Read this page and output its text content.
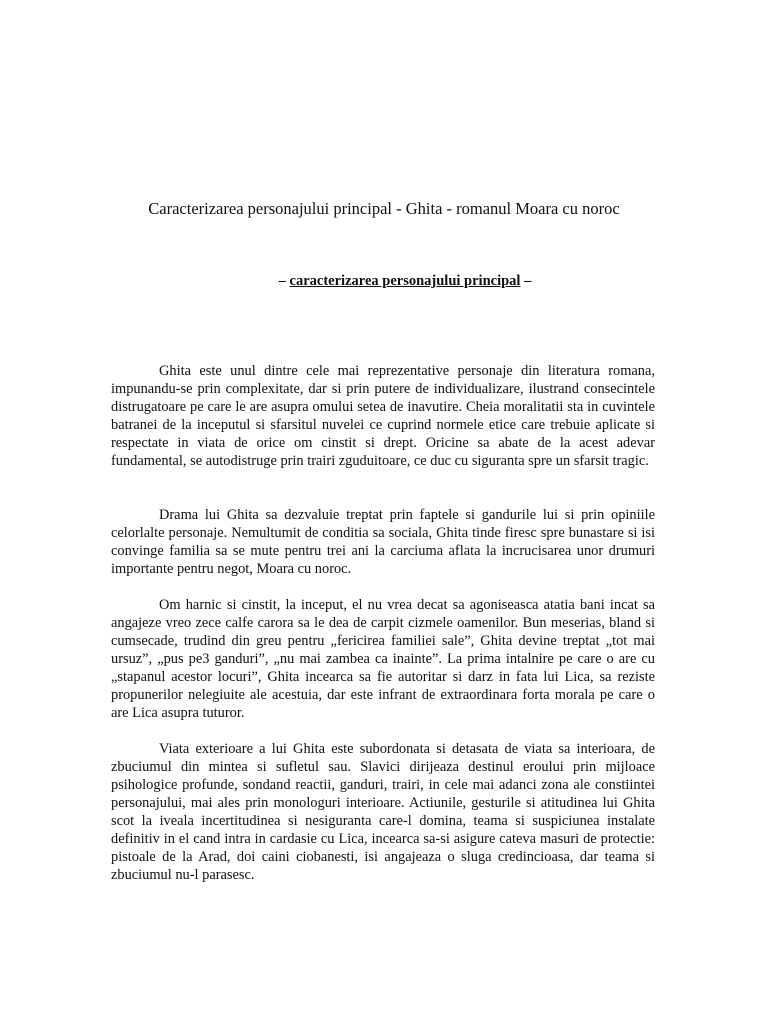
Caracterizarea personajului principal - Ghita - romanul Moara cu noroc

– caracterizarea personajului principal –

Ghita este unul dintre cele mai reprezentative personaje din literatura romana, impunandu-se prin complexitate, dar si prin putere de individualizare, ilustrand consecintele distrugatoare pe care le are asupra omului setea de inavutire. Cheia moralitatii sta in cuvintele batranei de la inceputul si sfarsitul nuvelei ce cuprind normele etice care trebuie aplicate si respectate in viata de orice om cinstit si drept. Oricine sa abate de la acest adevar fundamental, se autodistruge prin trairi zguduitoare, ce duc cu siguranta spre un sfarsit tragic.

Drama lui Ghita sa dezvaluie treptat prin faptele si gandurile lui si prin opiniile celorlalte personaje. Nemultumit de conditia sa sociala, Ghita tinde firesc spre bunastare si isi convinge familia sa se mute pentru trei ani la carciuma aflata la incrucisarea unor drumuri importante pentru negot, Moara cu noroc.

Om harnic si cinstit, la inceput, el nu vrea decat sa agoniseasca atatia bani incat sa angajeze vreo zece calfe carora sa le dea de carpit cizmele oamenilor. Bun meserias, bland si cumsecade, trudind din greu pentru „fericirea familiei sale”, Ghita devine treptat „tot mai ursuz”, „pus pe3 ganduri”, „nu mai zambea ca inainte”. La prima intalnire pe care o are cu „stapanul acestor locuri”, Ghita incearca sa fie autoritar si darz in fata lui Lica, sa reziste propunerilor nelegiuite ale acestuia, dar este infrant de extraordinara forta morala pe care o are Lica asupra tuturor.

Viata exterioare a lui Ghita este subordonata si detasata de viata sa interioara, de zbuciumul din mintea si sufletul sau. Slavici dirijeaza destinul eroului prin mijloace psihologice profunde, sondand reactii, ganduri, trairi, in cele mai adanci zona ale constiintei personajului, mai ales prin monologuri interioare. Actiunile, gesturile si atitudinea lui Ghita scot la iveala incertitudinea si nesiguranta care-l domina, teama si suspiciunea instalate definitiv in el cand intra in cardasie cu Lica, incearca sa-si asigure cateva masuri de protectie: pistoale de la Arad, doi caini ciobanesti, isi angajeaza o sluga credincioasa, dar teama si zbuciumul nu-l parasesc.
